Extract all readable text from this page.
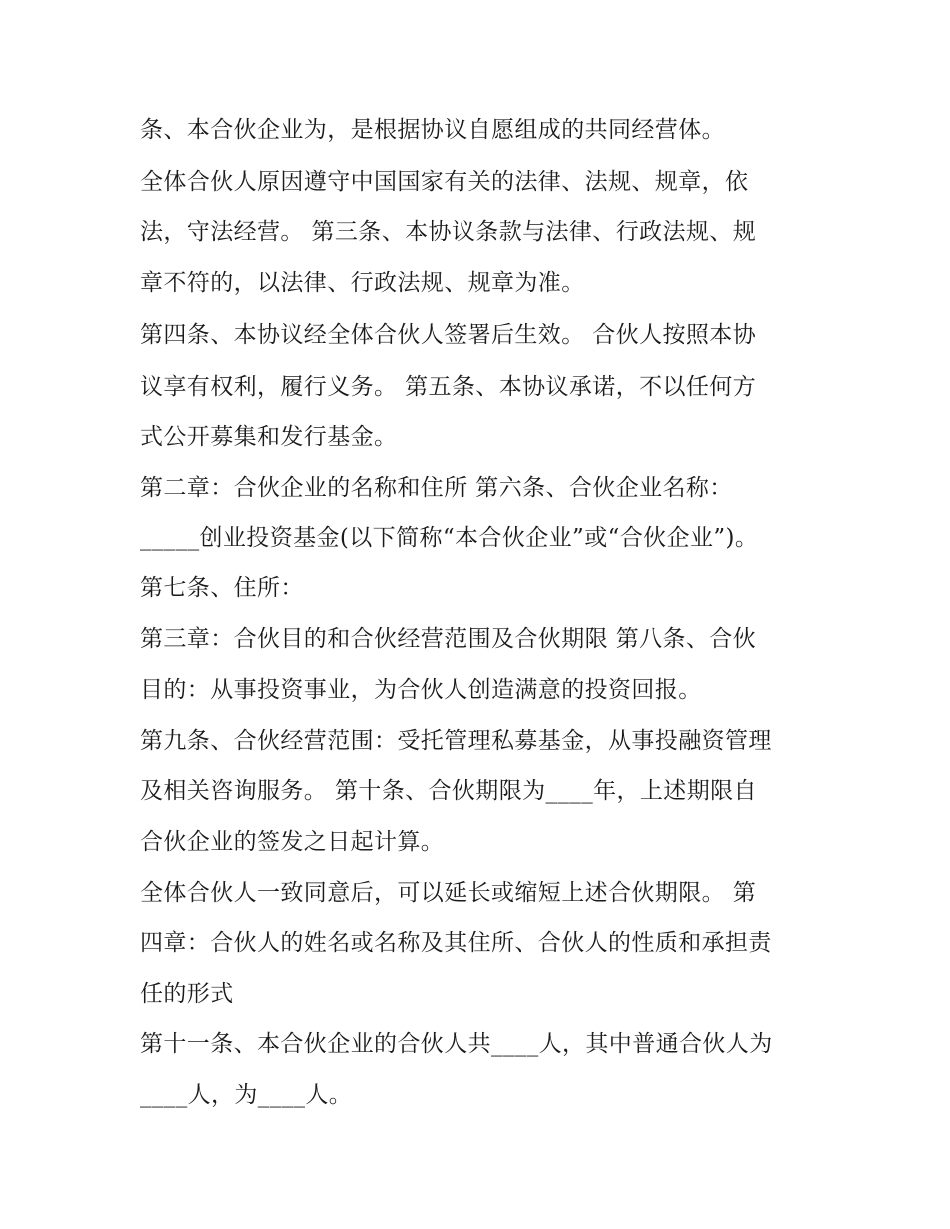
条、本合伙企业为，是根据协议自愿组成的共同经营体。
全体合伙人原因遵守中国国家有关的法律、法规、规章，依
法，守法经营。 第三条、本协议条款与法律、行政法规、规
章不符的，以法律、行政法规、规章为准。
第四条、本协议经全体合伙人签署后生效。 合伙人按照本协
议享有权利，履行义务。 第五条、本协议承诺，不以任何方
式公开募集和发行基金。
第二章：合伙企业的名称和住所 第六条、合伙企业名称：
_____创业投资基金(以下简称“本合伙企业”或“合伙企业”)。
第七条、住所：
第三章：合伙目的和合伙经营范围及合伙期限 第八条、合伙
目的：从事投资事业，为合伙人创造满意的投资回报。
第九条、合伙经营范围：受托管理私募基金，从事投融资管理
及相关咨询服务。 第十条、合伙期限为____年，上述期限自
合伙企业的签发之日起计算。
全体合伙人一致同意后，可以延长或缩短上述合伙期限。 第
四章：合伙人的姓名或名称及其住所、合伙人的性质和承担责
任的形式
第十一条、本合伙企业的合伙人共____人，其中普通合伙人为
____人，为____人。
